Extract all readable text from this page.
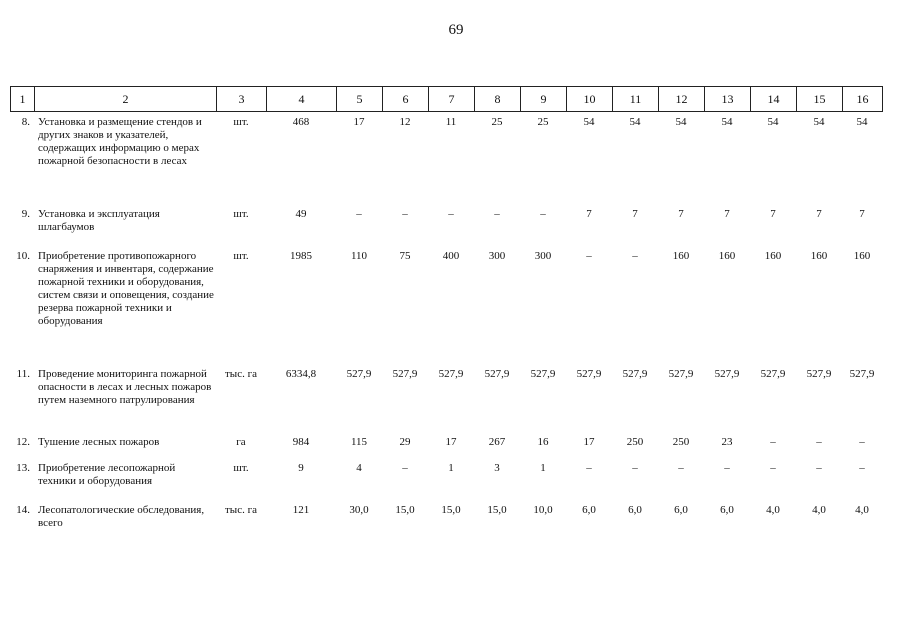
69
1	2	3	4	5	6	7	8	9	10	11	12	13	14	15	16
8.	Установка и размещение стендов и других знаков и указателей, содержащих информацию о мерах пожарной безопасности в лесах	шт.	468	17	12	11	25	25	54	54	54	54	54	54	54
9.	Установка и эксплуатация шлагбаумов	шт.	49	–	–	–	–	–	7	7	7	7	7	7	7
10.	Приобретение противопожарного снаряжения и инвентаря, содержание пожарной техники и оборудования, систем связи и оповещения, создание резерва пожарной техники и оборудования	шт.	1985	110	75	400	300	300	–	–	160	160	160	160	160
11.	Проведение мониторинга пожарной опасности в лесах и лесных пожаров путем наземного патрулирования	тыс. га	6334,8	527,9	527,9	527,9	527,9	527,9	527,9	527,9	527,9	527,9	527,9	527,9	527,9
12.	Тушение лесных пожаров	га	984	115	29	17	267	16	17	250	250	23	–	–	–
13.	Приобретение лесопожарной техники и оборудования	шт.	9	4	–	1	3	1	–	–	–	–	–	–	–
14.	Лесопатологические обследования, всего	тыс. га	121	30,0	15,0	15,0	15,0	10,0	6,0	6,0	6,0	6,0	4,0	4,0	4,0
